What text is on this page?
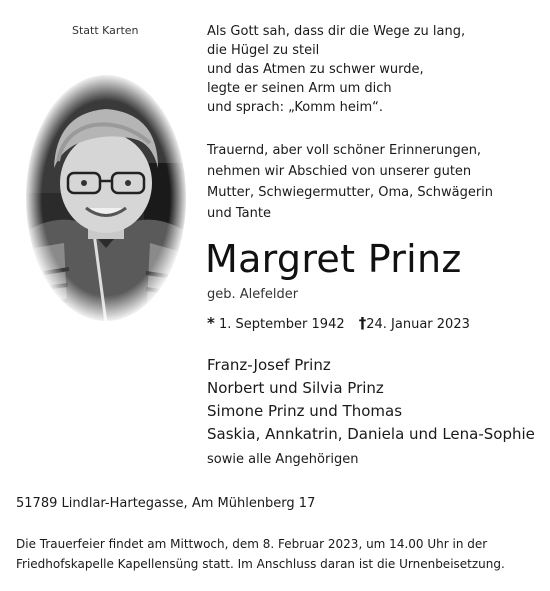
Statt Karten	Als Gott sah, dass dir die Wege zu lang,
die Hügel zu steil
und das Atmen zu schwer wurde,
legte er seinen Arm um dich
und sprach: „Komm heim“.
Trauernd, aber voll schöner Erinnerungen,
nehmen wir Abschied von unserer guten
Mutter, Schwiegermutter, Oma, Schwägerin
und Tante
Margret Prinz
geb. Alefelder
* 1. September 1942 †24. Januar 2023
Franz-Josef Prinz
Norbert und Silvia Prinz
Simone Prinz und Thomas
Saskia, Annkatrin, Daniela und Lena-Sophie
sowie alle Angehörigen
51789 Lindlar-Hartegasse, Am Mühlenberg 17
Die Trauerfeier findet am Mittwoch, dem 8. Februar 2023, um 14.00 Uhr in der
Friedhofskapelle Kapellensüng statt. Im Anschluss daran ist die Urnenbeisetzung.
